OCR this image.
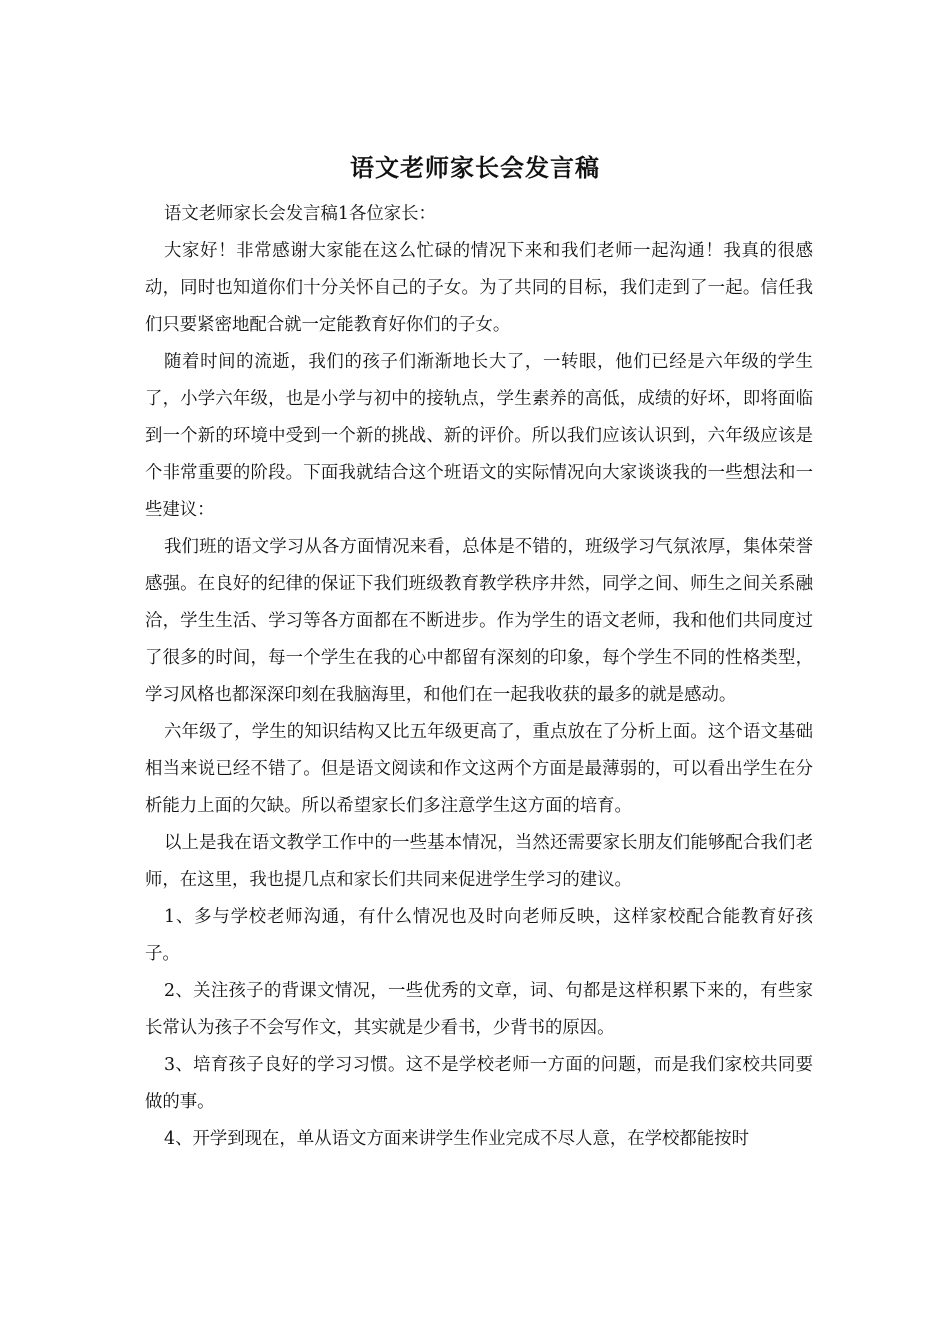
语文老师家长会发言稿

语文老师家长会发言稿1各位家长：

大家好！非常感谢大家能在这么忙碌的情况下来和我们老师一起沟通！我真的很感动，同时也知道你们十分关怀自己的子女。为了共同的目标，我们走到了一起。信任我们只要紧密地配合就一定能教育好你们的子女。

随着时间的流逝，我们的孩子们渐渐地长大了，一转眼，他们已经是六年级的学生了，小学六年级，也是小学与初中的接轨点，学生素养的高低，成绩的好坏，即将面临到一个新的环境中受到一个新的挑战、新的评价。所以我们应该认识到，六年级应该是个非常重要的阶段。下面我就结合这个班语文的实际情况向大家谈谈我的一些想法和一些建议：

我们班的语文学习从各方面情况来看，总体是不错的，班级学习气氛浓厚，集体荣誉感强。在良好的纪律的保证下我们班级教育教学秩序井然，同学之间、师生之间关系融洽，学生生活、学习等各方面都在不断进步。作为学生的语文老师，我和他们共同度过了很多的时间，每一个学生在我的心中都留有深刻的印象，每个学生不同的性格类型，学习风格也都深深印刻在我脑海里，和他们在一起我收获的最多的就是感动。

六年级了，学生的知识结构又比五年级更高了，重点放在了分析上面。这个语文基础相当来说已经不错了。但是语文阅读和作文这两个方面是最薄弱的，可以看出学生在分析能力上面的欠缺。所以希望家长们多注意学生这方面的培育。

以上是我在语文教学工作中的一些基本情况，当然还需要家长朋友们能够配合我们老师，在这里，我也提几点和家长们共同来促进学生学习的建议。

1、多与学校老师沟通，有什么情况也及时向老师反映，这样家校配合能教育好孩子。

2、关注孩子的背课文情况，一些优秀的文章，词、句都是这样积累下来的，有些家长常认为孩子不会写作文，其实就是少看书，少背书的原因。

3、培育孩子良好的学习习惯。这不是学校老师一方面的问题，而是我们家校共同要做的事。

4、开学到现在，单从语文方面来讲学生作业完成不尽人意，在学校都能按时
